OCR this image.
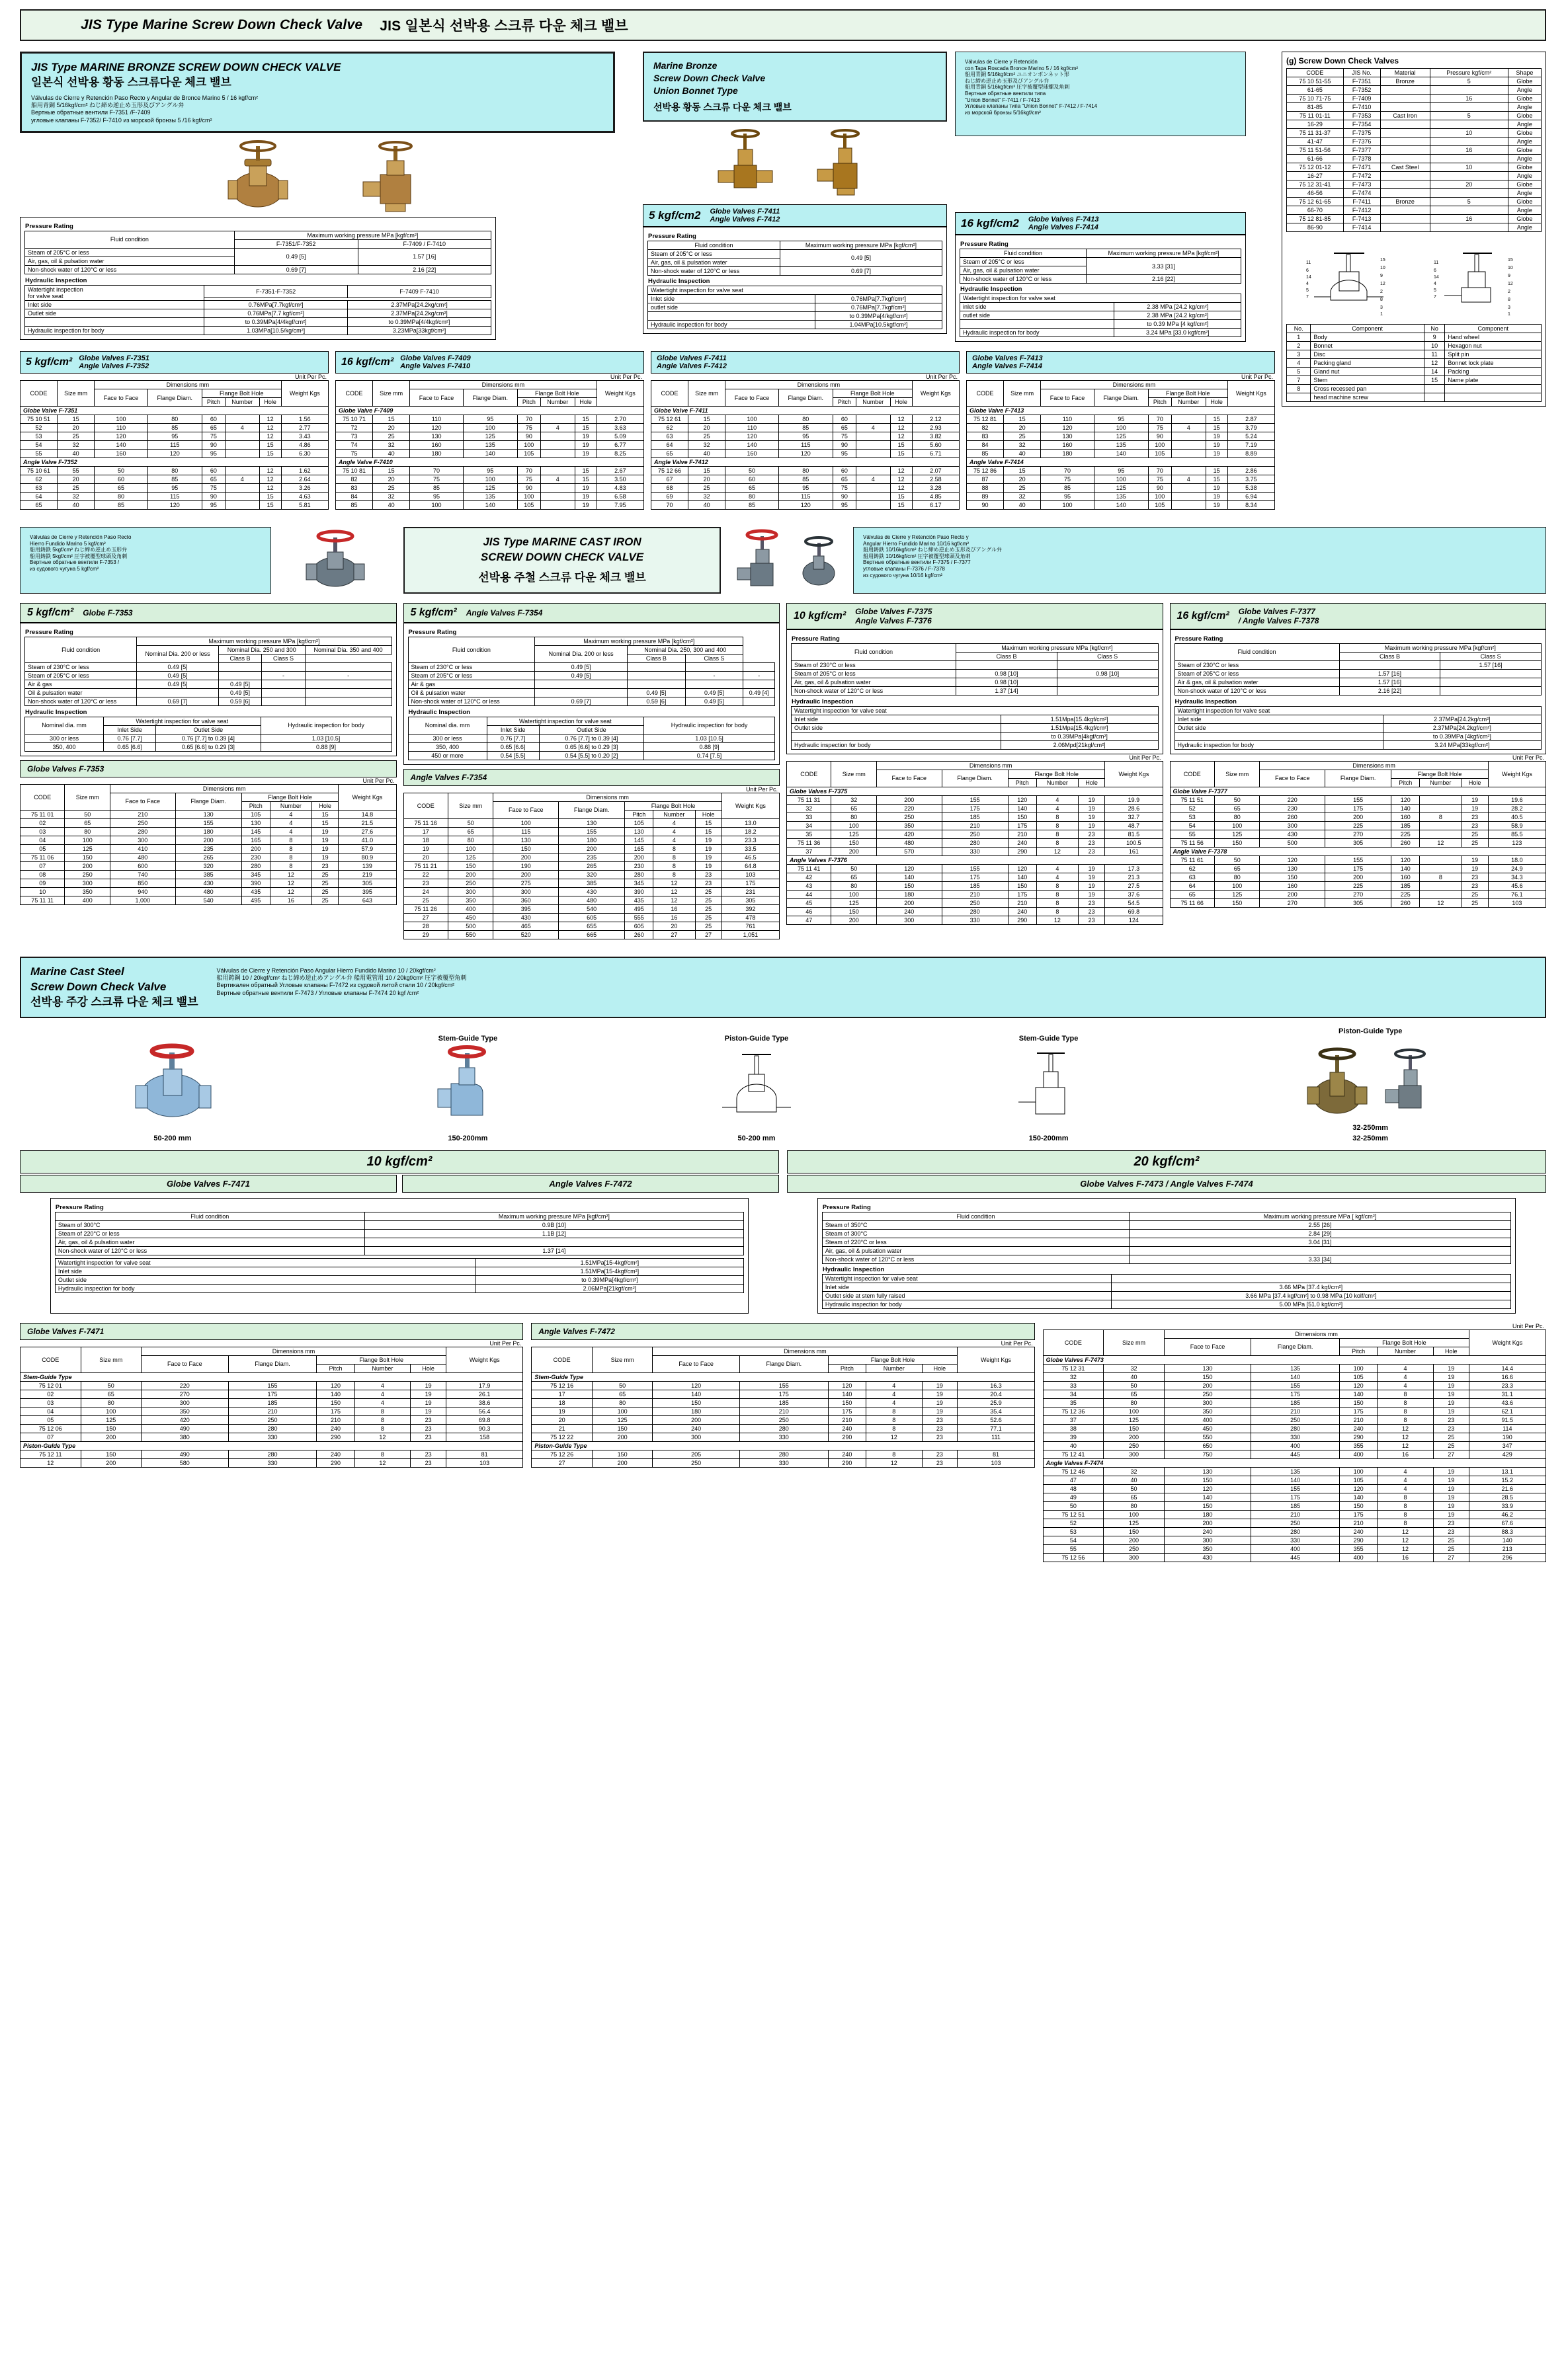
JIS Type Marine Screw Down Check Valve JIS 일본식 선박용 스크류 다운 체크 밸브
JIS Type MARINE BRONZE SCREW DOWN CHECK VALVE
일본식 선박용 황동 스크류다운 체크 밸브
Válvulas de Cierre y Retención Paso Recto y Angular de Bronce Marino 5 / 16 kgf/cm²
船用青銅 5/16kgf/cm² ねじ締め逆止め玉形及びアングル弁
Вертные обратные вентили F-7351 /F-7409
угловые клапаны F-7352/ F-7410 из морской бронзы 5 /16 kgf/cm²
Pressure Rating
Fluid condition	Maximum working pressure MPa [kgf/cm²]	
	F-7351/F-7352	F-7409 / F-7410
Steam of 205°C or less	0.49 [5]	1.57 [16]
Air, gas, oil & pulsation water		
Non-shock water of 120°C or less	0.69 [7]	2.16 [22]
Hydraulic Inspection
Watertight inspection
for valve seat	F-7351-F-7352	F-7409 F-7410

Inlet side	0.76MPa[7.7kgf/cm²]	2.37MPa[24.2kg/cm²]
Outlet side	0.76MPa[7.7 kgf/cm²]	2.37MPa[24.2kg/cm²]
	to 0.39MPa[4/4kgf/cm²]	to 0.39MPa[4/4kgf/cm²]
Hydraulic inspection for body	1.03MPa[10.5/kg/cm²]	3.23MPa[33kgf/cm²]
Marine Bronze
Screw Down Check Valve
Union Bonnet Type
선박용 황동 스크류 다운 체크 밸브
5 kgf/cm2 Globe Valves F-7411
Angle Valves F-7412
Pressure Rating
Fluid condition	Maximum working pressure MPa [kgf/cm²]
Steam of 205°C or less	0.49 [5]
Air, gas, oil & pulsation water	
Non-shock water of 120°C or less	0.69 [7]
Hydraulic Inspection
Watertight inspection for valve seat	
Inlet side	0.76MPa[7.7kgf/cm²]
outlet side	0.76MPa[7.7kgf/cm²]
	to 0.39MPa[4/kgf/cm²]
Hydraulic inspection for body	1.04MPa[10.5kgf/cm²]
Válvulas de Cierre y Retención
con Tapa Roscada Bronce Marino 5 / 16 kgf/cm²
船用青銅 5/16kgf/cm² ユニオンボンネット形
ねじ締め逆止め玉形及びアングル弁
船用青銅 5/16kgf/cm² 圧字被覆型球螺及角刺
Вертные обратные вентили типа
"Union Bonnet" F-7411 / F-7413
Угловые клапаны типа "Union Bonnet" F-7412 / F-7414
из морской бронзы 5/16kgf/cm²
16 kgf/cm2 Globe Valves F-7413
Angle Valves F-7414
Pressure Rating
Fluid condition	Maximum working pressure MPa [kgf/cm²]
Steam of 205°C or less	3.33 [31]
Air, gas, oil & pulsation water	
Non-shock water of 120°C or less	2.16 [22]
Hydraulic Inspection
Watertight inspection for valve seat	
inlet side	2.38 MPa [24.2 kg/cm²]
outlet side	2.38 MPa [24.2 kg/cm²]
	to 0.39 MPa [4 kgf/cm²]
Hydraulic inspection for body	3.24 MPa [33.0 kgf/cm²]
(g) Screw Down Check Valves
CODE	JIS No.	Material	Pressure kgf/cm²	Shape
75 10 51-55	F-7351	Bronze	5	Globe
61-65	F-7352			Angle
75 10 71-75	F-7409		16	Globe
81-85	F-7410			Angle
75 11 01-11	F-7353	Cast Iron	5	Globe
16-29	F-7354			Angle
75 11 31-37	F-7375		10	Globe
41-47	F-7376			Angle
75 11 51-56	F-7377		16	Globe
61-66	F-7378			Angle
75 12 01-12	F-7471	Cast Steel	10	Globe
16-27	F-7472			Angle
75 12 31-41	F-7473		20	Globe
46-56	F-7474			Angle
75 12 61-65	F-7411	Bronze	5	Globe
66-70	F-7412			Angle
75 12 81-85	F-7413		16	Globe
86-90	F-7414			Angle
11
6
14
4
5
7
15
10
9
12
2
8
3
1
11
6
14
4
5
7
15
10
9
12
2
8
3
1
No.	Component	No	Component
1	Body	9	Hand wheel
2	Bonnet	10	Hexagon nut
3	Disc	11	Split pin
4	Packing gland	12	Bonnet lock plate
5	Gland nut	14	Packing
7	Stem	15	Name plate
8	Cross recessed pan		
	head machine screw		
5 kgf/cm² Globe Valves F-7351
Angle Valves F-7352
Unit Per Pc.
CODE	Size mm	Dimensions mm					Weight Kgs
		Face to Face	Flange Diam.	Flange Bolt Hole			
				Pitch	Number	Hole	
Globe Valve F-7351							
75 10 51	15	100	80	60		12	1.56
52	20	110	85	65	4	12	2.77
53	25	120	95	75		12	3.43
54	32	140	115	90		15	4.86
55	40	160	120	95		15	6.30
Angle Valve F-7352							
75 10 61	55	50	80	60		12	1.62
62	20	60	85	65	4	12	2.64
63	25	65	95	75		12	3.26
64	32	80	115	90		15	4.63
65	40	85	120	95		15	5.81
16 kgf/cm² Globe Valves F-7409
Angle Valves F-7410
Unit Per Pc.
CODE	Size mm	Dimensions mm					Weight Kgs
		Face to Face	Flange Diam.	Flange Bolt Hole			
				Pitch	Number	Hole	
Globe Valve F-7409							
75 10 71	15	110	95	70		15	2.70
72	20	120	100	75	4	15	3.63
73	25	130	125	90		19	5.09
74	32	160	135	100		19	6.77
75	40	180	140	105		19	8.25
Angle Valve F-7410							
75 10 81	15	70	95	70		15	2.67
82	20	75	100	75	4	15	3.50
83	25	85	125	90		19	4.83
84	32	95	135	100		19	6.58
85	40	100	140	105		19	7.95
Globe Valves F-7411
Angle Valves F-7412
Unit Per Pc.
CODE	Size mm	Dimensions mm					Weight Kgs
		Face to Face	Flange Diam.	Flange Bolt Hole			
				Pitch	Number	Hole	
Globe Valve F-7411							
75 12 61	15	100	80	60		12	2.12
62	20	110	85	65	4	12	2.93
63	25	120	95	75		12	3.82
64	32	140	115	90		15	5.60
65	40	160	120	95		15	6.71
Angle Valve F-7412							
75 12 66	15	50	80	60		12	2.07
67	20	60	85	65	4	12	2.58
68	25	65	95	75		12	3.28
69	32	80	115	90		15	4.85
70	40	85	120	95		15	6.17
Globe Valves F-7413
Angle Valves F-7414
Unit Per Pc.
CODE	Size mm	Dimensions mm					Weight Kgs
		Face to Face	Flange Diam.	Flange Bolt Hole			
				Pitch	Number	Hole	
Globe Valve F-7413							
75 12 81	15	110	95	70		15	2.87
82	20	120	100	75	4	15	3.79
83	25	130	125	90		19	5.24
84	32	160	135	100		19	7.19
85	40	180	140	105		19	8.89
Angle Valve F-7414							
75 12 86	15	70	95	70		15	2.86
87	20	75	100	75	4	15	3.75
88	25	85	125	90		19	5.38
89	32	95	135	100		19	6.94
90	40	100	140	105		19	8.34
Válvulas de Cierre y Retención Paso Recto
Hierro Fundido Marino 5 kgf/cm²
船用鋳鉄 5kgf/cm² ねじ締め逆止め玉形弁
船用鋳鉄 5kgf/cm² 圧宇被覆型球頭及角刺
Вертные обратные вентили F-7353 /
из судового чугуна 5 kgf/cm²
JIS Type MARINE CAST IRON
SCREW DOWN CHECK VALVE
선박용 주철 스크류 다운 체크 밸브
Válvulas de Cierre y Retención Paso Recto y
Angular Hierro Fundido Marino 10/16 kgf/cm²
船用鋳鉄 10/16kgf/cm² ねじ締め逆止め玉形及びアングル弁
船用鋳鉄 10/16kgf/cm² 圧字被覆型球頭及角刺
Вертные обратные вентили F-7375 / F-7377
угловые клапаны F-7376 / F-7378
из судового чугуна 10/16 kgf/cm²
5 kgf/cm² Globe F-7353
Pressure Rating
Fluid condition	Maximum working pressure MPa [kgf/cm²]			
	Nominal Dia. 200 or less	Nominal Dia. 250 and 300		Nominal Dia. 350 and 400
		Class B	Class S	
Steam of 230°C or less	0.49 [5]			
Steam of 205°C or less	0.49 [5]		-	-
Air & gas	0.49 [5]	0.49 [5]		
Oil & pulsation water		0.49 [5]		
Non-shock water of 120°C or less	0.69 [7]	0.59 [6]		
Hydraulic Inspection
Nominal dia. mm	Watertight inspection for valve seat		Hydraulic inspection for body
	Inlet Side	Outlet Side	
300 or less	0.76 [7.7]	0.76 [7.7] to 0.39 [4]	1.03 [10.5]
350, 400	0.65 [6.6]	0.65 [6.6] to 0.29 [3]	0.88 [9]
Globe Valves F-7353
Unit Per Pc.
CODE	Size mm	Dimensions mm					Weight Kgs
		Face to Face	Flange Diam.	Flange Bolt Hole			
				Pitch	Number	Hole	
75 11 01	50	210	130	105	4	15	14.8
02	65	250	155	130	4	15	21.5
03	80	280	180	145	4	19	27.6
04	100	300	200	165	8	19	41.0
05	125	410	235	200	8	19	57.9
75 11 06	150	480	265	230	8	19	80.9
07	200	600	320	280	8	23	139
08	250	740	385	345	12	25	219
09	300	850	430	390	12	25	305
10	350	940	480	435	12	25	395
75 11 11	400	1,000	540	495	16	25	643
5 kgf/cm² Angle Valves F-7354
Pressure Rating
Fluid condition	Maximum working pressure MPa [kgf/cm²]			
	Nominal Dia. 200 or less	Nominal Dia. 250, 300 and 400		
		Class B	Class S	
Steam of 230°C or less	0.49 [5]			
Steam of 205°C or less	0.49 [5]		-	-
Air & gas				
Oil & pulsation water		0.49 [5]	0.49 [5]	0.49 [4]
Non-shock water of 120°C or less	0.69 [7]	0.59 [6]	0.49 [5]	
Hydraulic Inspection
Nominal dia. mm	Watertight inspection for valve seat		Hydraulic inspection for body
	Inlet Side	Outlet Side	
300 or less	0.76 [7.7]	0.76 [7.7] to 0.39 [4]	1.03 [10.5]
350, 400	0.65 [6.6]	0.65 [6.6] to 0.29 [3]	0.88 [9]
450 or more	0.54 [5.5]	0.54 [5.5] to 0.20 [2]	0.74 [7.5]
Angle Valves F-7354
Unit Per Pc.
CODE	Size mm	Dimensions mm					Weight Kgs
		Face to Face	Flange Diam.	Flange Bolt Hole			
				Pitch	Number	Hole	
75 11 16	50	100	130	105	4	15	13.0
17	65	115	155	130	4	15	18.2
18	80	130	180	145	4	19	23.3
19	100	150	200	165	8	19	33.5
20	125	200	235	200	8	19	46.5
75 11 21	150	190	265	230	8	19	64.8
22	200	200	320	280	8	23	103
23	250	275	385	345	12	23	175
24	300	300	430	390	12	25	231
25	350	360	480	435	12	25	305
75 11 26	400	395	540	495	16	25	392
27	450	430	605	555	16	25	478
28	500	465	655	605	20	25	761
29	550	520	665	260	27	27	1,051
10 kgf/cm² Globe Valves F-7375
Angle Valves F-7376
Pressure Rating
Fluid condition	Maximum working pressure MPa [kgf/cm²]	
	Class B	Class S
Steam of 230°C or less		
Steam of 205°C or less	0.98 [10]	0.98 [10]
Air, gas, oil & pulsation water	0.98 [10]	
Non-shock water of 120°C or less	1.37 [14]	
Hydraulic Inspection
Watertight inspection for valve seat	
Inlet side	1.51Mpa[15.4kgf/cm²]
Outlet side	1.51Mpa[15.4kgf/cm²]
	to 0.39MPa[4kgf/cm²]
Hydraulic inspection for body	2.06Mpd[21kgl/cm²]
Unit Per Pc.
CODE	Size mm	Dimensions mm					Weight Kgs
		Face to Face	Flange Diam.	Flange Bolt Hole			
				Pitch	Number	Hole	
Globe Valves F-7375							
75 11 31	32	200	155	120	4	19	19.9
32	65	220	175	140	4	19	28.6
33	80	250	185	150	8	19	32.7
34	100	350	210	175	8	19	48.7
35	125	420	250	210	8	23	81.5
75 11 36	150	480	280	240	8	23	100.5
37	200	570	330	290	12	23	161
Angle Valves F-7376							
75 11 41	50	120	155	120	4	19	17.3
42	65	140	175	140	4	19	21.3
43	80	150	185	150	8	19	27.5
44	100	180	210	175	8	19	37.6
45	125	200	250	210	8	23	54.5
46	150	240	280	240	8	23	69.8
47	200	300	330	290	12	23	124
16 kgf/cm² Globe Valves F-7377
/ Angle Valves F-7378
Pressure Rating
Fluid condition	Maximum working pressure MPa [kgf/cm²]	
	Class B	Class S
Steam of 230°C or less		1.57 [16]
Steam of 205°C or less	1.57 [16]	
Air & gas, oil & pulsation water	1.57 [16]	
Non-shock water of 120°C or less	2.16 [22]	
Hydraulic Inspection
Watertight inspection for valve seat	
Inlet side	2.37MPa[24.2kg/cm²]
Outlet side	2.37MPa[24.2kgf/cm²]
	to 0.39MPa [4kgf/cm²]
Hydraulic inspection for body	3.24 MPa[33kgf/cm²]
Unit Per Pc.
CODE	Size mm	Dimensions mm					Weight Kgs
		Face to Face	Flange Diam.	Flange Bolt Hole			
				Pitch	Number	Hole	
Globe Valve F-7377							
75 11 51	50	220	155	120		19	19.6
52	65	230	175	140		19	28.2
53	80	260	200	160	8	23	40.5
54	100	300	225	185		23	58.9
55	125	430	270	225		25	85.5
75 11 56	150	500	305	260	12	25	123
Angle Valve F-7378							
75 11 61	50	120	155	120		19	18.0
62	65	130	175	140		19	24.9
63	80	150	200	160	8	23	34.3
64	100	160	225	185		23	45.6
65	125	200	270	225		25	76.1
75 11 66	150	270	305	260	12	25	103
Marine Cast Steel
Screw Down Check Valve
선박용 주강 스크류 다운 체크 밸브
Válvulas de Cierre y Retención Paso Angular Hierro Fundido Marino 10 / 20kgf/cm²
船用鋳鋼 10 / 20kgf/cm² ねじ締め逆止めアングル弁 船用電管用 10 / 20kgf/cm² 圧字被覆型角刺
Вертикален обратный Угловые клапаны F-7472 из судовой литой стали 10 / 20kgf/cm²
Вертные обратные вентили F-7473 / Угловые клапаны F-7474 20 kgf /cm²
50-200 mm
Stem-Guide Type
150-200mm
Piston-Guide Type
50-200 mm
Stem-Guide Type
150-200mm
Piston-Guide Type
32-250mm
32-250mm
10 kgf/cm²	20 kgf/cm²
Globe Valves F-7471	Angle Valves F-7472	Globe Valves F-7473 / Angle Valves F-7474
Pressure Rating
Fluid condition	Maximum working pressure MPa [kgf/cm²]
Steam of 300°C	0.9B [10]
Steam of 220°C or less	1.1B [12]
Air, gas, oil & pulsation water	
Non-shock water of 120°C or less	1.37 [14]
Watertight inspection for valve seat	1.51MPa[15-4kgf/cm²]
Inlet side	1.51MPa[15-4kgf/cm²]
Outlet side	to 0.39MPa[4kgf/cm²]
Hydraulic inspection for body	2.06MPa[21kgf/cm²]
Pressure Rating
Fluid condition	Maximum working pressure MPa [ kgf/cm²]
Steam of 350°C	2.55 [26]
Steam of 300°C	2.84 [29]
Steam of 220°C or less	3.04 [31]
Air, gas, oil & pulsation water	
Non-shock water of 120°C or less	3.33 [34]
Hydraulic Inspection
Watertight inspection for valve seat	
Inlet side	3.66 MPa [37.4 kgf/cm²]
Outlet side at stem fully raised	3.66 MPa [37.4 kgf/cm²] to 0.98 MPa [10 kolf/cm²]
Hydraulic inspection for body	5.00 MPa [51.0 kgf/cm²]
Globe Valves F-7471
Unit Per Pc.
CODE	Size mm	Dimensions mm					Weight Kgs
		Face to Face	Flange Diam.	Flange Bolt Hole			
				Pitch	Number	Hole	
Stem-Guide Type							
75 12 01	50	220	155	120	4	19	17.9
02	65	270	175	140	4	19	26.1
03	80	300	185	150	4	19	38.6
04	100	350	210	175	8	19	56.4
05	125	420	250	210	8	23	69.8
75 12 06	150	490	280	240	8	23	90.3
07	200	380	330	290	12	23	158
Piston-Gulde Type							
75 12 11	150	490	280	240	8	23	81
12	200	580	330	290	12	23	103
Angle Valves F-7472
Unit Per Pc.
CODE	Size mm	Dimensions mm					Weight Kgs
		Face to Face	Flange Diam.	Flange Bolt Hole			
				Pitch	Number	Hole	
Stem-Guide Type							
75 12 16	50	120	155	120	4	19	16.3
17	65	140	175	140	4	19	20.4
18	80	150	185	150	4	19	25.9
19	100	180	210	175	8	19	35.4
20	125	200	250	210	8	23	52.6
21	150	240	280	240	8	23	77.1
75 12 22	200	300	330	290	12	23	111
Piston-Gulde Type							
75 12 26	150	205	280	240	8	23	81
27	200	250	330	290	12	23	103
Unit Per Pc.
CODE	Size mm	Dimensions mm					Weight Kgs
		Face to Face	Flange Diam.	Flange Bolt Hole			
				Pitch	Number	Hole	
Globe Valves F-7473							
75 12 31	32	130	135	100	4	19	14.4
32	40	150	140	105	4	19	16.6
33	50	200	155	120	4	19	23.3
34	65	250	175	140	8	19	31.1
35	80	300	185	150	8	19	43.6
75 12 36	100	350	210	175	8	19	62.1
37	125	400	250	210	8	23	91.5
38	150	450	280	240	12	23	114
39	200	550	330	290	12	25	190
40	250	650	400	355	12	25	347
75 12 41	300	750	445	400	16	27	429
Angle Valves F-7474							
75 12 46	32	130	135	100	4	19	13.1
47	40	150	140	105	4	19	15.2
48	50	120	155	120	4	19	21.6
49	65	140	175	140	8	19	28.5
50	80	150	185	150	8	19	33.9
75 12 51	100	180	210	175	8	19	46.2
52	125	200	250	210	8	23	67.6
53	150	240	280	240	12	23	88.3
54	200	300	330	290	12	25	140
55	250	350	400	355	12	25	213
75 12 56	300	430	445	400	16	27	296
